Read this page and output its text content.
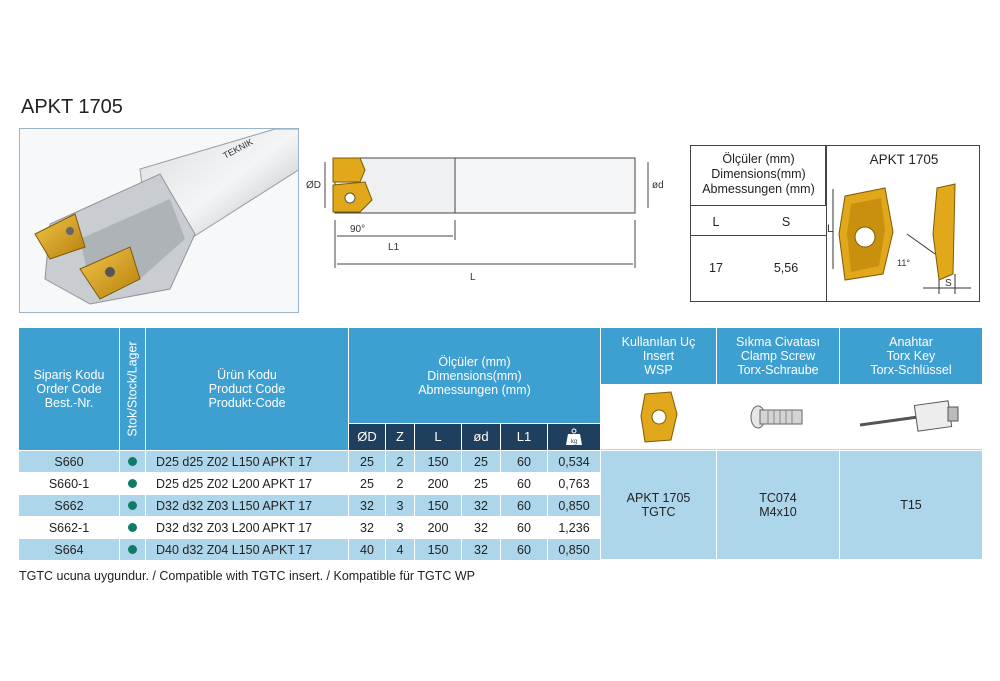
APKT 1705
TEKNIK
ØD	ød
90°
L1
L
Ölçüler (mm)
Dimensions(mm)
Abmessungen (mm)
APKT 1705
L	S
17	5,56
L
S
11°
Sipariş Kodu
Order Code
Best.-Nr.	Stok/Stock/Lager	Ürün Kodu
Product Code
Produkt-Code
Ölçüler (mm)
Dimensions(mm)
Abmessungen (mm)
ØD	Z	L	ød	L1	kg
Kullanılan Uç
Insert
WSP
Sıkma Civatası
Clamp Screw
Torx-Schraube
Anahtar
Torx Key
Torx-Schlüssel
S660	D25 d25 Z02 L150 APKT 17	25	2	150	25	60	0,534
S660-1	D25 d25 Z02 L200 APKT 17	25	2	200	25	60	0,763
S662	D32 d32 Z03 L150 APKT 17	32	3	150	32	60	0,850
S662-1	D32 d32 Z03 L200 APKT 17	32	3	200	32	60	1,236
S664	D40 d32 Z04 L150 APKT 17	40	4	150	32	60	0,850
APKT 1705
TGTC
TC074
M4x10	T15
TGTC ucuna uygundur. / Compatible with TGTC insert. / Kompatible für TGTC WP
